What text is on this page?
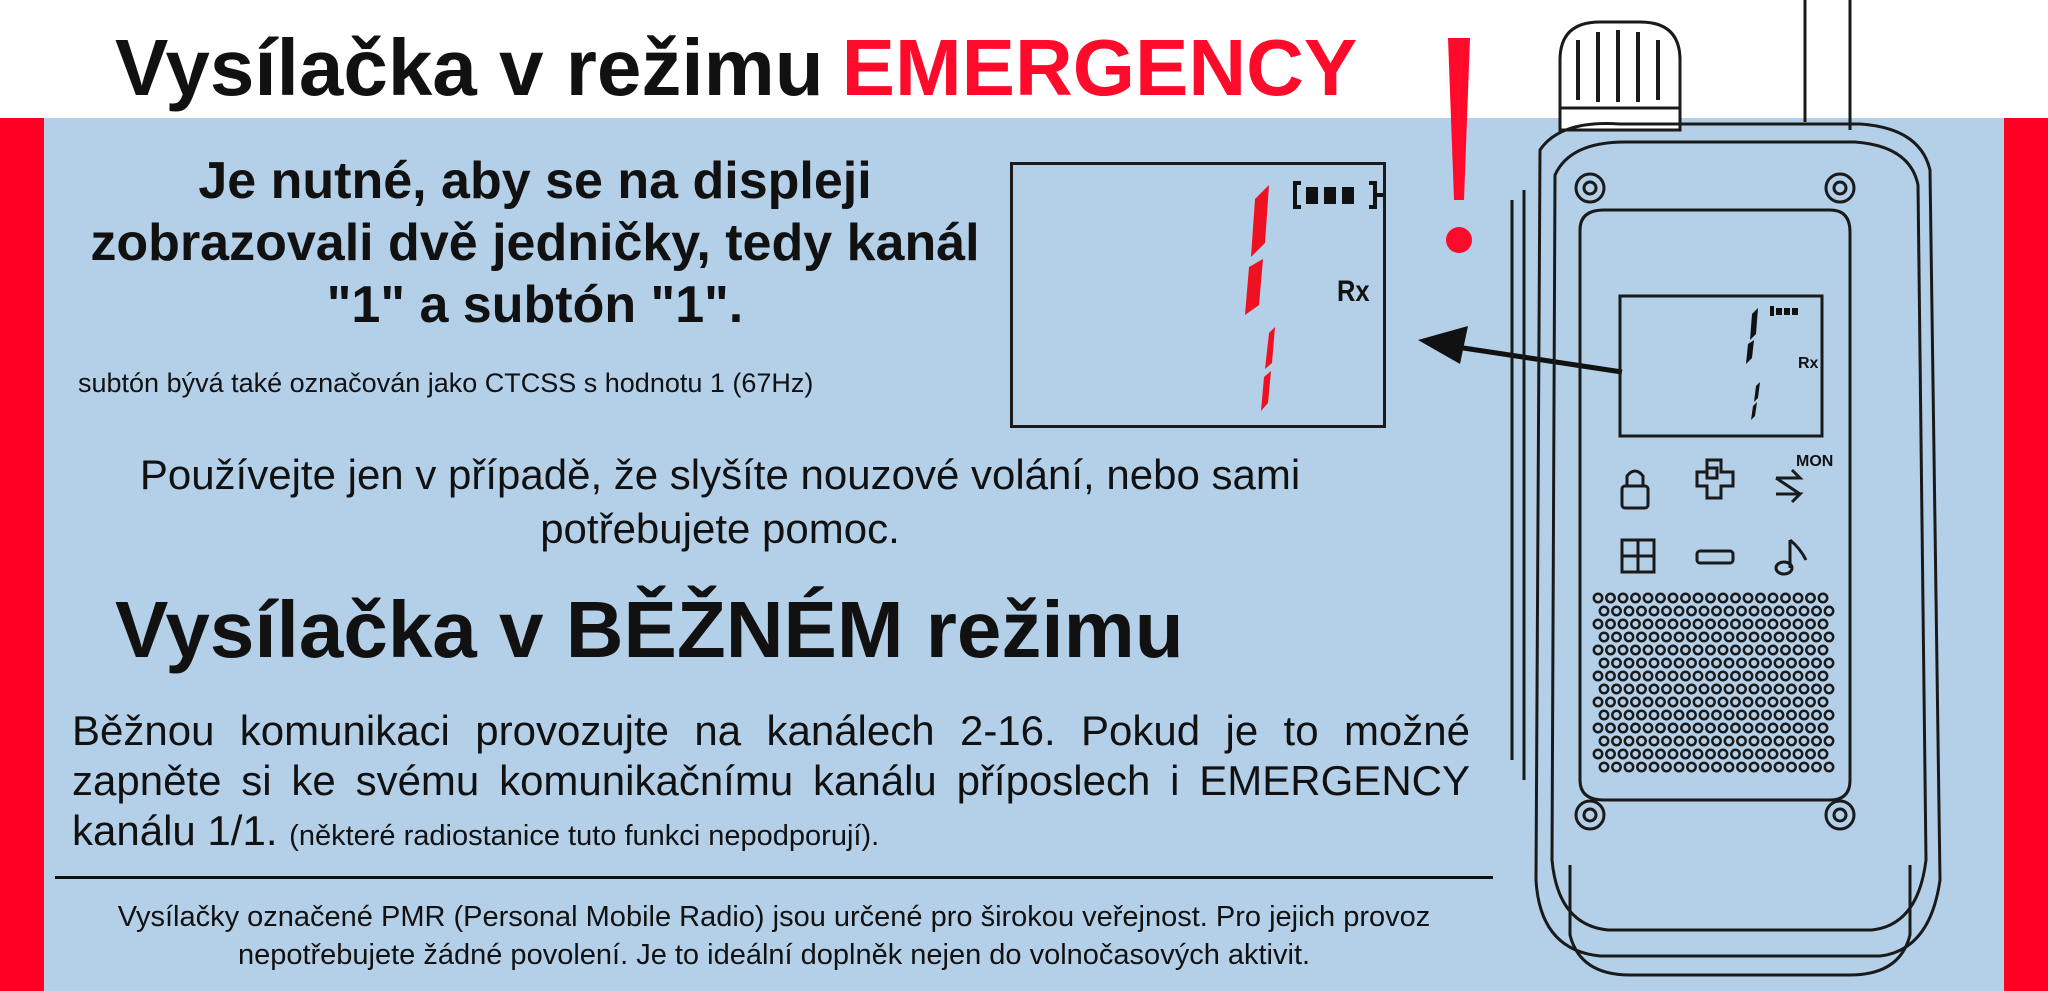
Vysílačka v režimu EMERGENCY
Je nutné, aby se na displeji zobrazovali dvě jedničky, tedy kanál "1" a subtón "1".
subtón bývá také označován jako CTCSS s hodnotu 1 (67Hz)
Rx
Používejte jen v případě, že slyšíte nouzové volání, nebo sami potřebujete pomoc.
Vysílačka v BĚŽNÉM režimu
Běžnou komunikaci provozujte na kanálech 2-16. Pokud je to možné zapněte si ke svému komunikačnímu kanálu příposlech i EMERGENCY kanálu 1/1. (některé radiostanice tuto funkci nepodporují).
Vysílačky označené PMR (Personal Mobile Radio) jsou určené pro širokou veřejnost. Pro jejich provoz nepotřebujete žádné povolení. Je to ideální doplněk nejen do volnočasových aktivit.
Rx
MON
